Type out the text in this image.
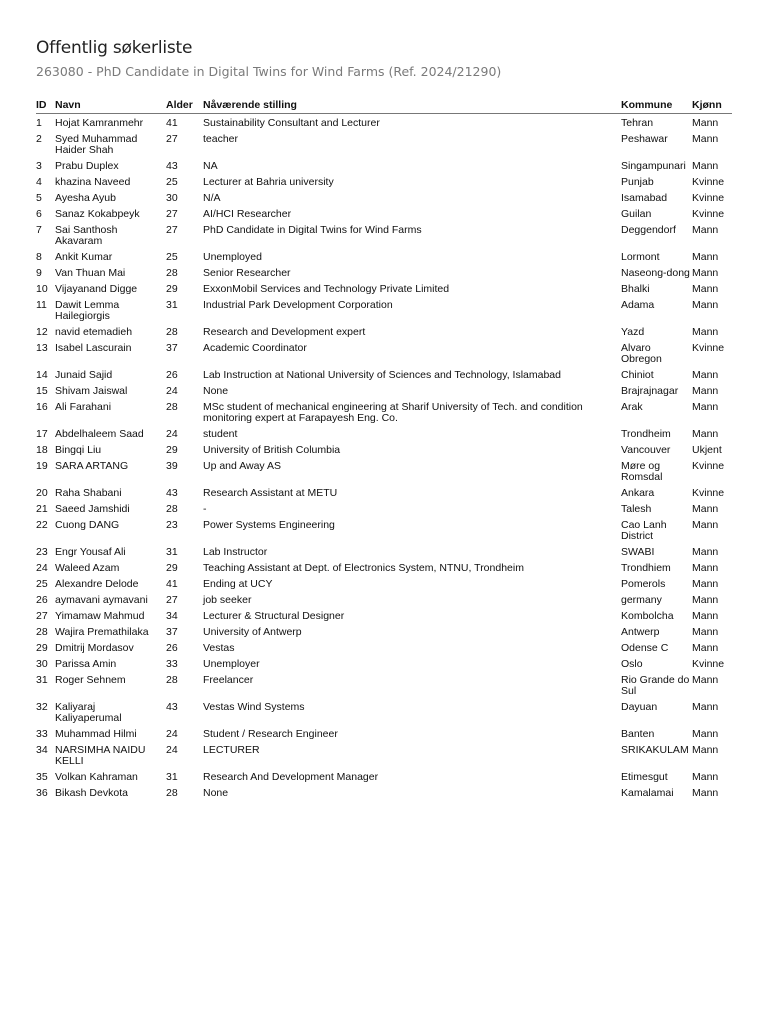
Offentlig søkerliste
263080 - PhD Candidate in Digital Twins for Wind Farms (Ref. 2024/21290)
ID	Navn	Alder	Nåværende stilling	Kommune	Kjønn
1	Hojat Kamranmehr	41	Sustainability Consultant and Lecturer	Tehran	Mann
2	Syed Muhammad Haider Shah	27	teacher	Peshawar	Mann
3	Prabu Duplex	43	NA	Singampunari	Mann
4	khazina Naveed	25	Lecturer at Bahria university	Punjab	Kvinne
5	Ayesha Ayub	30	N/A	Isamabad	Kvinne
6	Sanaz Kokabpeyk	27	AI/HCI Researcher	Guilan	Kvinne
7	Sai Santhosh Akavaram	27	PhD Candidate in Digital Twins for Wind Farms	Deggendorf	Mann
8	Ankit Kumar	25	Unemployed	Lormont	Mann
9	Van Thuan Mai	28	Senior Researcher	Naseong-dong	Mann
10	Vijayanand Digge	29	ExxonMobil Services and Technology Private Limited	Bhalki	Mann
11	Dawit Lemma Hailegiorgis	31	Industrial Park Development Corporation	Adama	Mann
12	navid etemadieh	28	Research and Development expert	Yazd	Mann
13	Isabel Lascurain	37	Academic Coordinator	Alvaro Obregon	Kvinne
14	Junaid Sajid	26	Lab Instruction at National University of Sciences and Technology, Islamabad	Chiniot	Mann
15	Shivam Jaiswal	24	None	Brajrajnagar	Mann
16	Ali Farahani	28	MSc student of mechanical engineering at Sharif University of Tech. and condition monitoring expert at Farapayesh Eng. Co.	Arak	Mann
17	Abdelhaleem Saad	24	student	Trondheim	Mann
18	Bingqi Liu	29	University of British Columbia	Vancouver	Ukjent
19	SARA ARTANG	39	Up and Away AS	Møre og Romsdal	Kvinne
20	Raha Shabani	43	Research Assistant at METU	Ankara	Kvinne
21	Saeed Jamshidi	28	-	Talesh	Mann
22	Cuong DANG	23	Power Systems Engineering	Cao Lanh District	Mann
23	Engr Yousaf Ali	31	Lab Instructor	SWABI	Mann
24	Waleed Azam	29	Teaching Assistant at Dept. of Electronics System, NTNU, Trondheim	Trondhiem	Mann
25	Alexandre Delode	41	Ending at UCY	Pomerols	Mann
26	aymavani aymavani	27	job seeker	germany	Mann
27	Yimamaw Mahmud	34	Lecturer & Structural Designer	Kombolcha	Mann
28	Wajira Premathilaka	37	University of Antwerp	Antwerp	Mann
29	Dmitrij Mordasov	26	Vestas	Odense C	Mann
30	Parissa Amin	33	Unemployer	Oslo	Kvinne
31	Roger Sehnem	28	Freelancer	Rio Grande do Sul	Mann
32	Kaliyaraj Kaliyaperumal	43	Vestas Wind Systems	Dayuan	Mann
33	Muhammad Hilmi	24	Student / Research Engineer	Banten	Mann
34	NARSIMHA NAIDU KELLI	24	LECTURER	SRIKAKULAM	Mann
35	Volkan Kahraman	31	Research And Development Manager	Etimesgut	Mann
36	Bikash Devkota	28	None	Kamalamai	Mann
